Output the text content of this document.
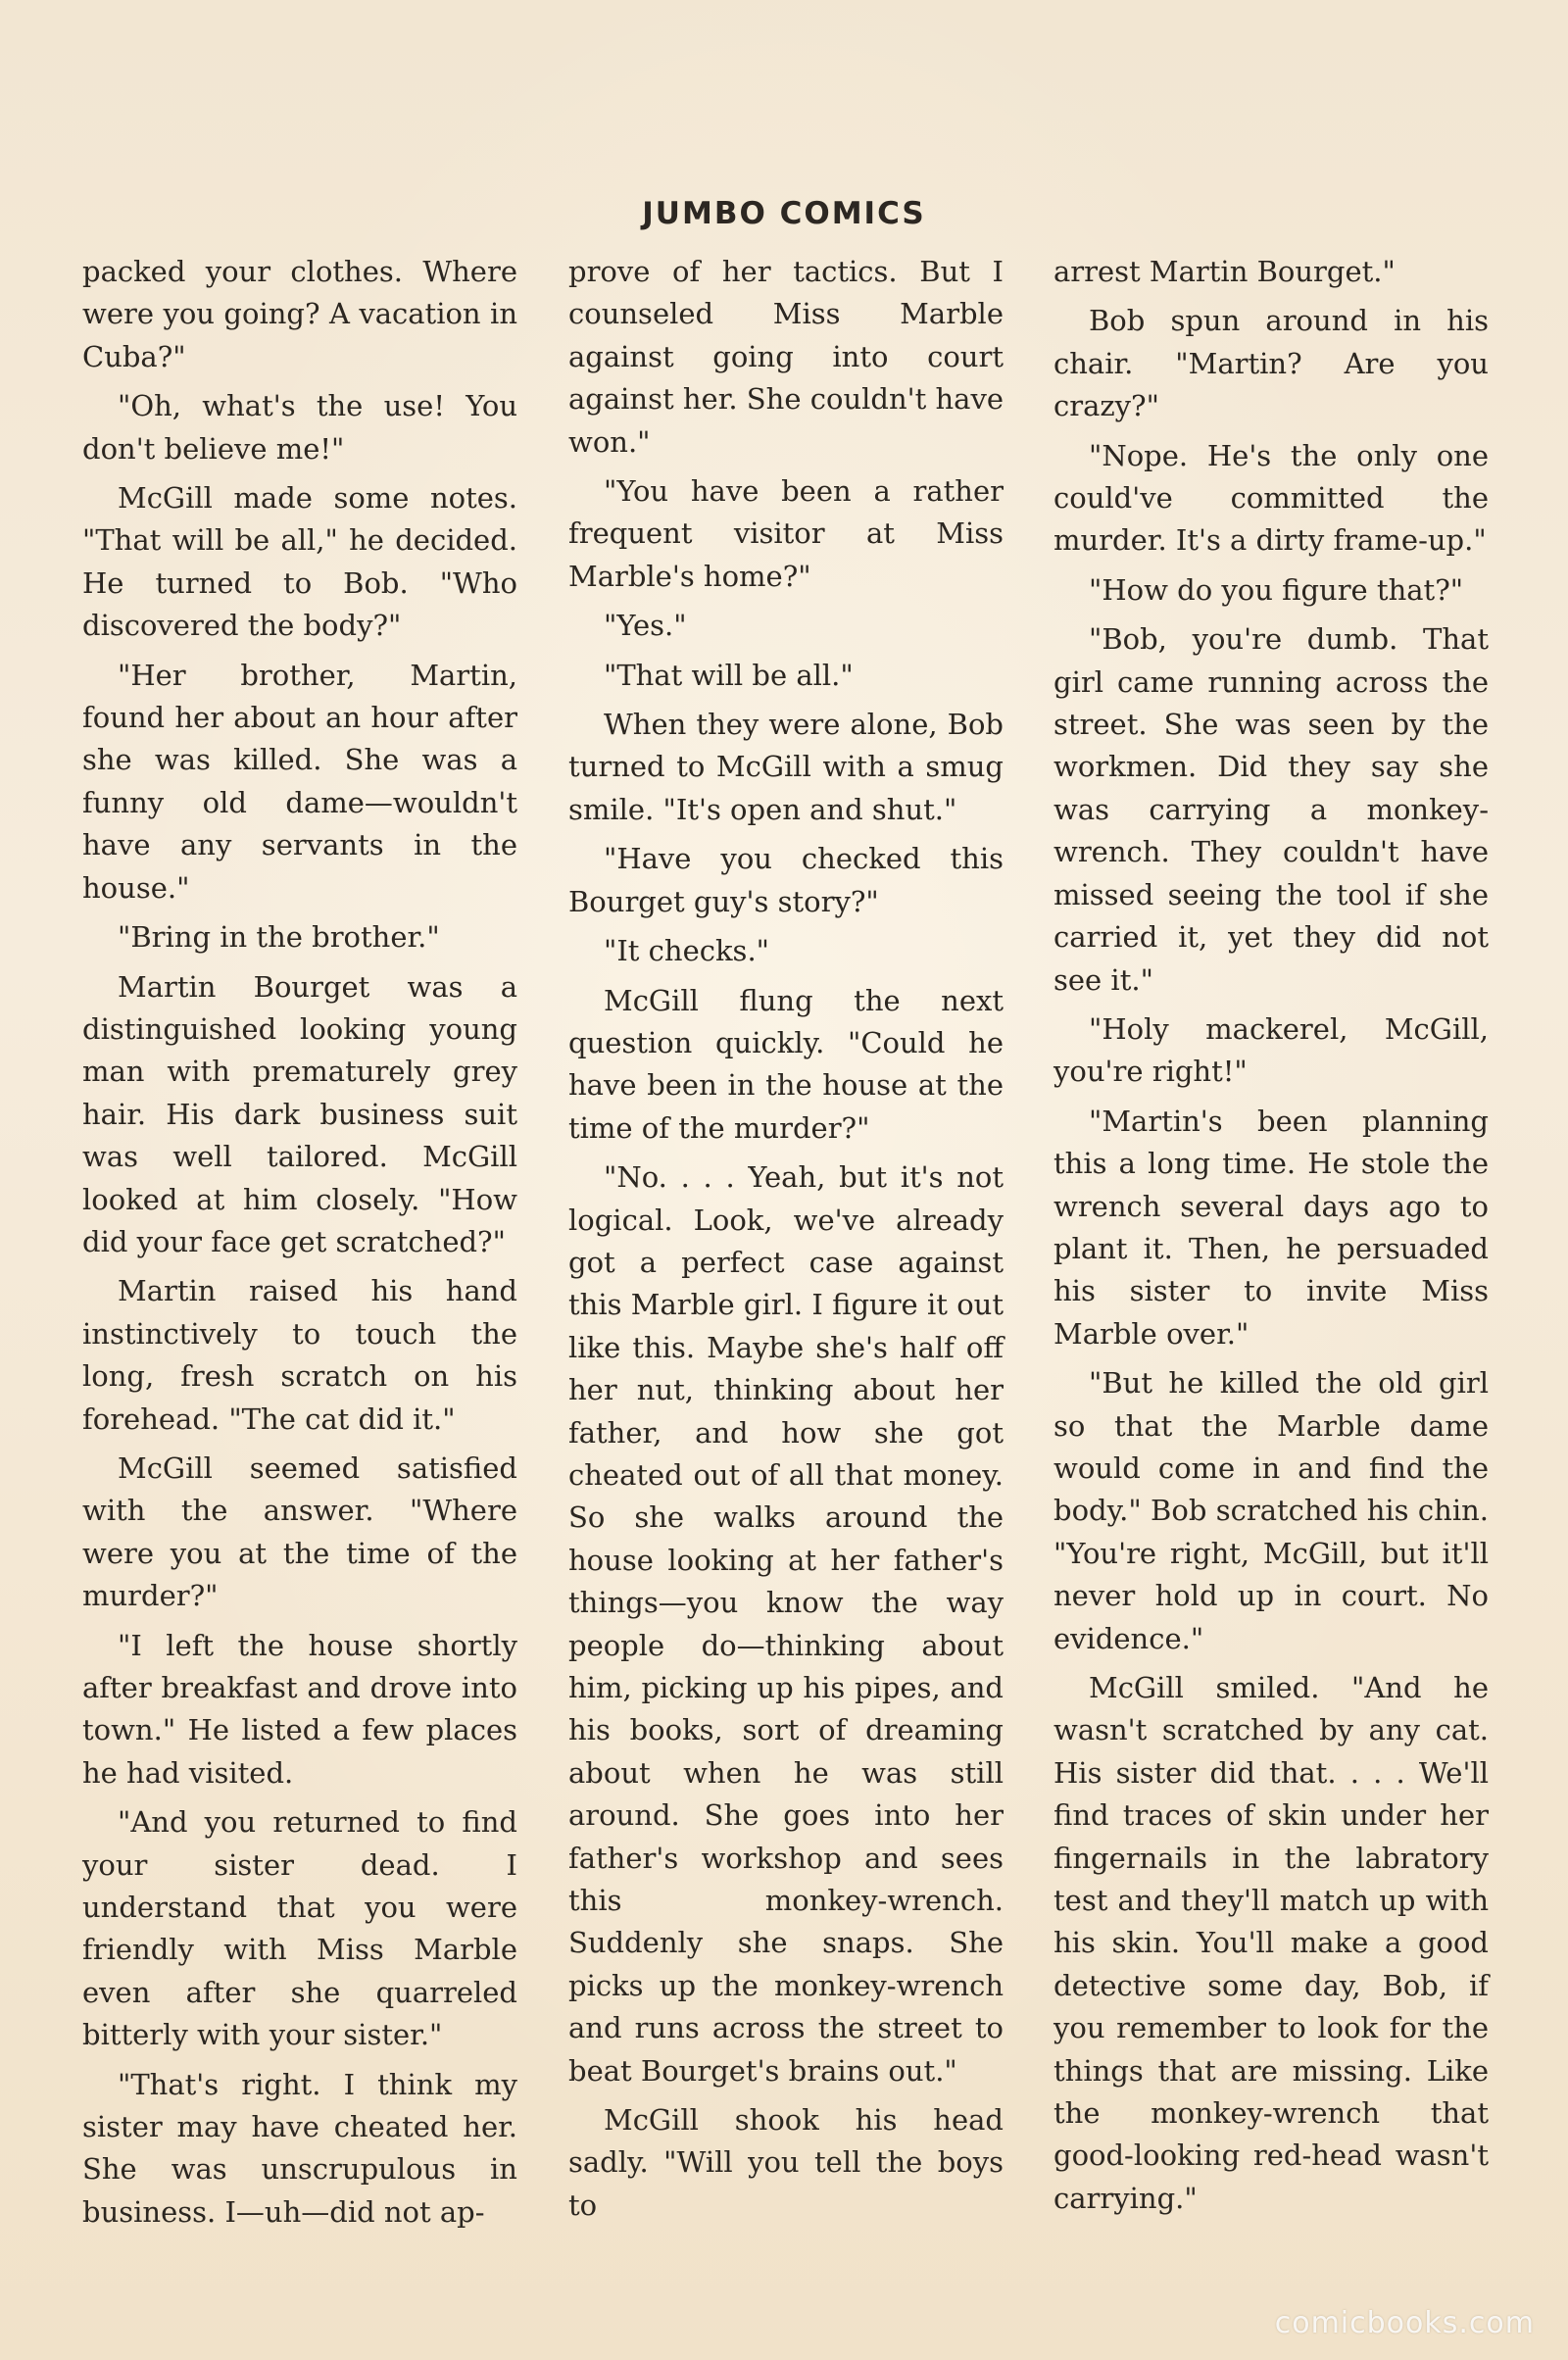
JUMBO COMICS

packed your clothes. Where were you going? A vacation in Cuba?"

"Oh, what's the use! You don't believe me!"

McGill made some notes. "That will be all," he decided. He turned to Bob. "Who discovered the body?"

"Her brother, Martin, found her about an hour after she was killed. She was a funny old dame—wouldn't have any servants in the house."

"Bring in the brother."

Martin Bourget was a distinguished looking young man with prematurely grey hair. His dark business suit was well tailored. McGill looked at him closely. "How did your face get scratched?"

Martin raised his hand instinctively to touch the long, fresh scratch on his forehead. "The cat did it."

McGill seemed satisfied with the answer. "Where were you at the time of the murder?"

"I left the house shortly after breakfast and drove into town." He listed a few places he had visited.

"And you returned to find your sister dead. I understand that you were friendly with Miss Marble even after she quarreled bitterly with your sister."

"That's right. I think my sister may have cheated her. She was unscrupulous in business. I—uh—did not ap-

prove of her tactics. But I counseled Miss Marble against going into court against her. She couldn't have won."

"You have been a rather frequent visitor at Miss Marble's home?"

"Yes."

"That will be all."

When they were alone, Bob turned to McGill with a smug smile. "It's open and shut."

"Have you checked this Bourget guy's story?"

"It checks."

McGill flung the next question quickly. "Could he have been in the house at the time of the murder?"

"No. . . . Yeah, but it's not logical. Look, we've already got a perfect case against this Marble girl. I figure it out like this. Maybe she's half off her nut, thinking about her father, and how she got cheated out of all that money. So she walks around the house looking at her father's things—you know the way people do—thinking about him, picking up his pipes, and his books, sort of dreaming about when he was still around. She goes into her father's workshop and sees this monkey-wrench. Suddenly she snaps. She picks up the monkey-wrench and runs across the street to beat Bourget's brains out."

McGill shook his head sadly. "Will you tell the boys to

arrest Martin Bourget."

Bob spun around in his chair. "Martin? Are you crazy?"

"Nope. He's the only one could've committed the murder. It's a dirty frame-up."

"How do you figure that?"

"Bob, you're dumb. That girl came running across the street. She was seen by the workmen. Did they say she was carrying a monkey-wrench. They couldn't have missed seeing the tool if she carried it, yet they did not see it."

"Holy mackerel, McGill, you're right!"

"Martin's been planning this a long time. He stole the wrench several days ago to plant it. Then, he persuaded his sister to invite Miss Marble over."

"But he killed the old girl so that the Marble dame would come in and find the body." Bob scratched his chin. "You're right, McGill, but it'll never hold up in court. No evidence."

McGill smiled. "And he wasn't scratched by any cat. His sister did that. . . . We'll find traces of skin under her fingernails in the labratory test and they'll match up with his skin. You'll make a good detective some day, Bob, if you remember to look for the things that are missing. Like the monkey-wrench that good-looking red-head wasn't carrying."

comicbooks.com
